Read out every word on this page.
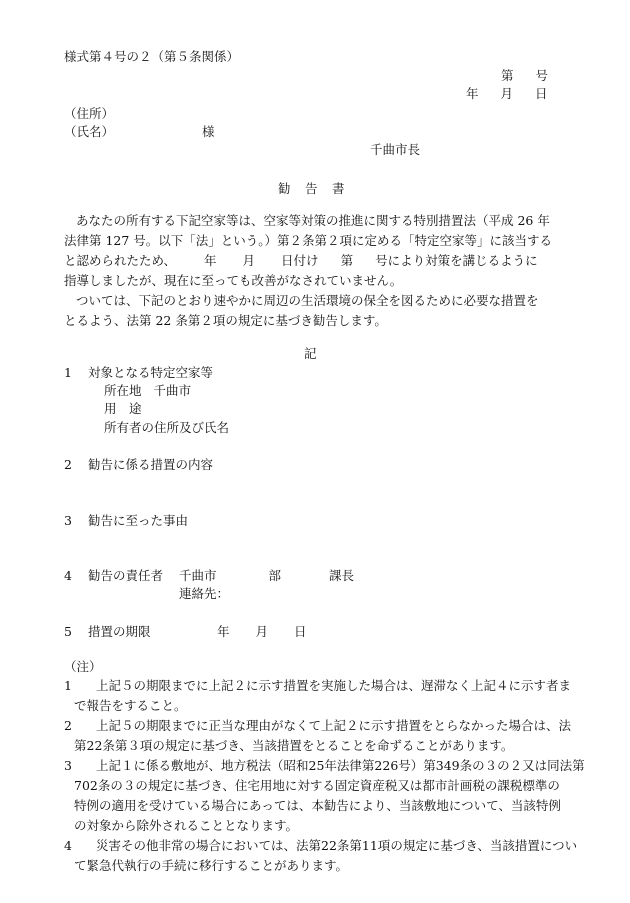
様式第４号の２（第５条関係）
第 号
年 月 日
（住所）
（氏名）	様
千曲市長
勧　告　書
あなたの所有する下記空家等は、空家等対策の推進に関する特別措置法（平成 26 年
法律第 127 号。以下「法」という。）第２条第２項に定める「特定空家等」に該当する
と認められたため、 年 月 日付け 第 号により対策を講じるように
指導しましたが、現在に至っても改善がなされていません。
ついては、下記のとおり速やかに周辺の生活環境の保全を図るために必要な措置を
とるよう、法第 22 条第２項の規定に基づき勧告します。
記
1 対象となる特定空家等
所在地 千曲市
用　途
所有者の住所及び氏名
2 勧告に係る措置の内容
3 勧告に至った事由
4 勧告の責任者 千曲市	部	課長
連絡先：
5 措置の期限	年 月 日
（注）
1	上記５の期限までに上記２に示す措置を実施した場合は、遅滞なく上記４に示す者ま
で報告をすること。
2	上記５の期限までに正当な理由がなくて上記２に示す措置をとらなかった場合は、法
第22条第３項の規定に基づき、当該措置をとることを命ずることがあります。
3	上記１に係る敷地が、地方税法（昭和25年法律第226号）第349条の３の２又は同法第
702条の３の規定に基づき、住宅用地に対する固定資産税又は都市計画税の課税標準の
特例の適用を受けている場合にあっては、本勧告により、当該敷地について、当該特例
の対象から除外されることとなります。
4	災害その他非常の場合においては、法第22条第11項の規定に基づき、当該措置につい
て緊急代執行の手続に移行することがあります。
